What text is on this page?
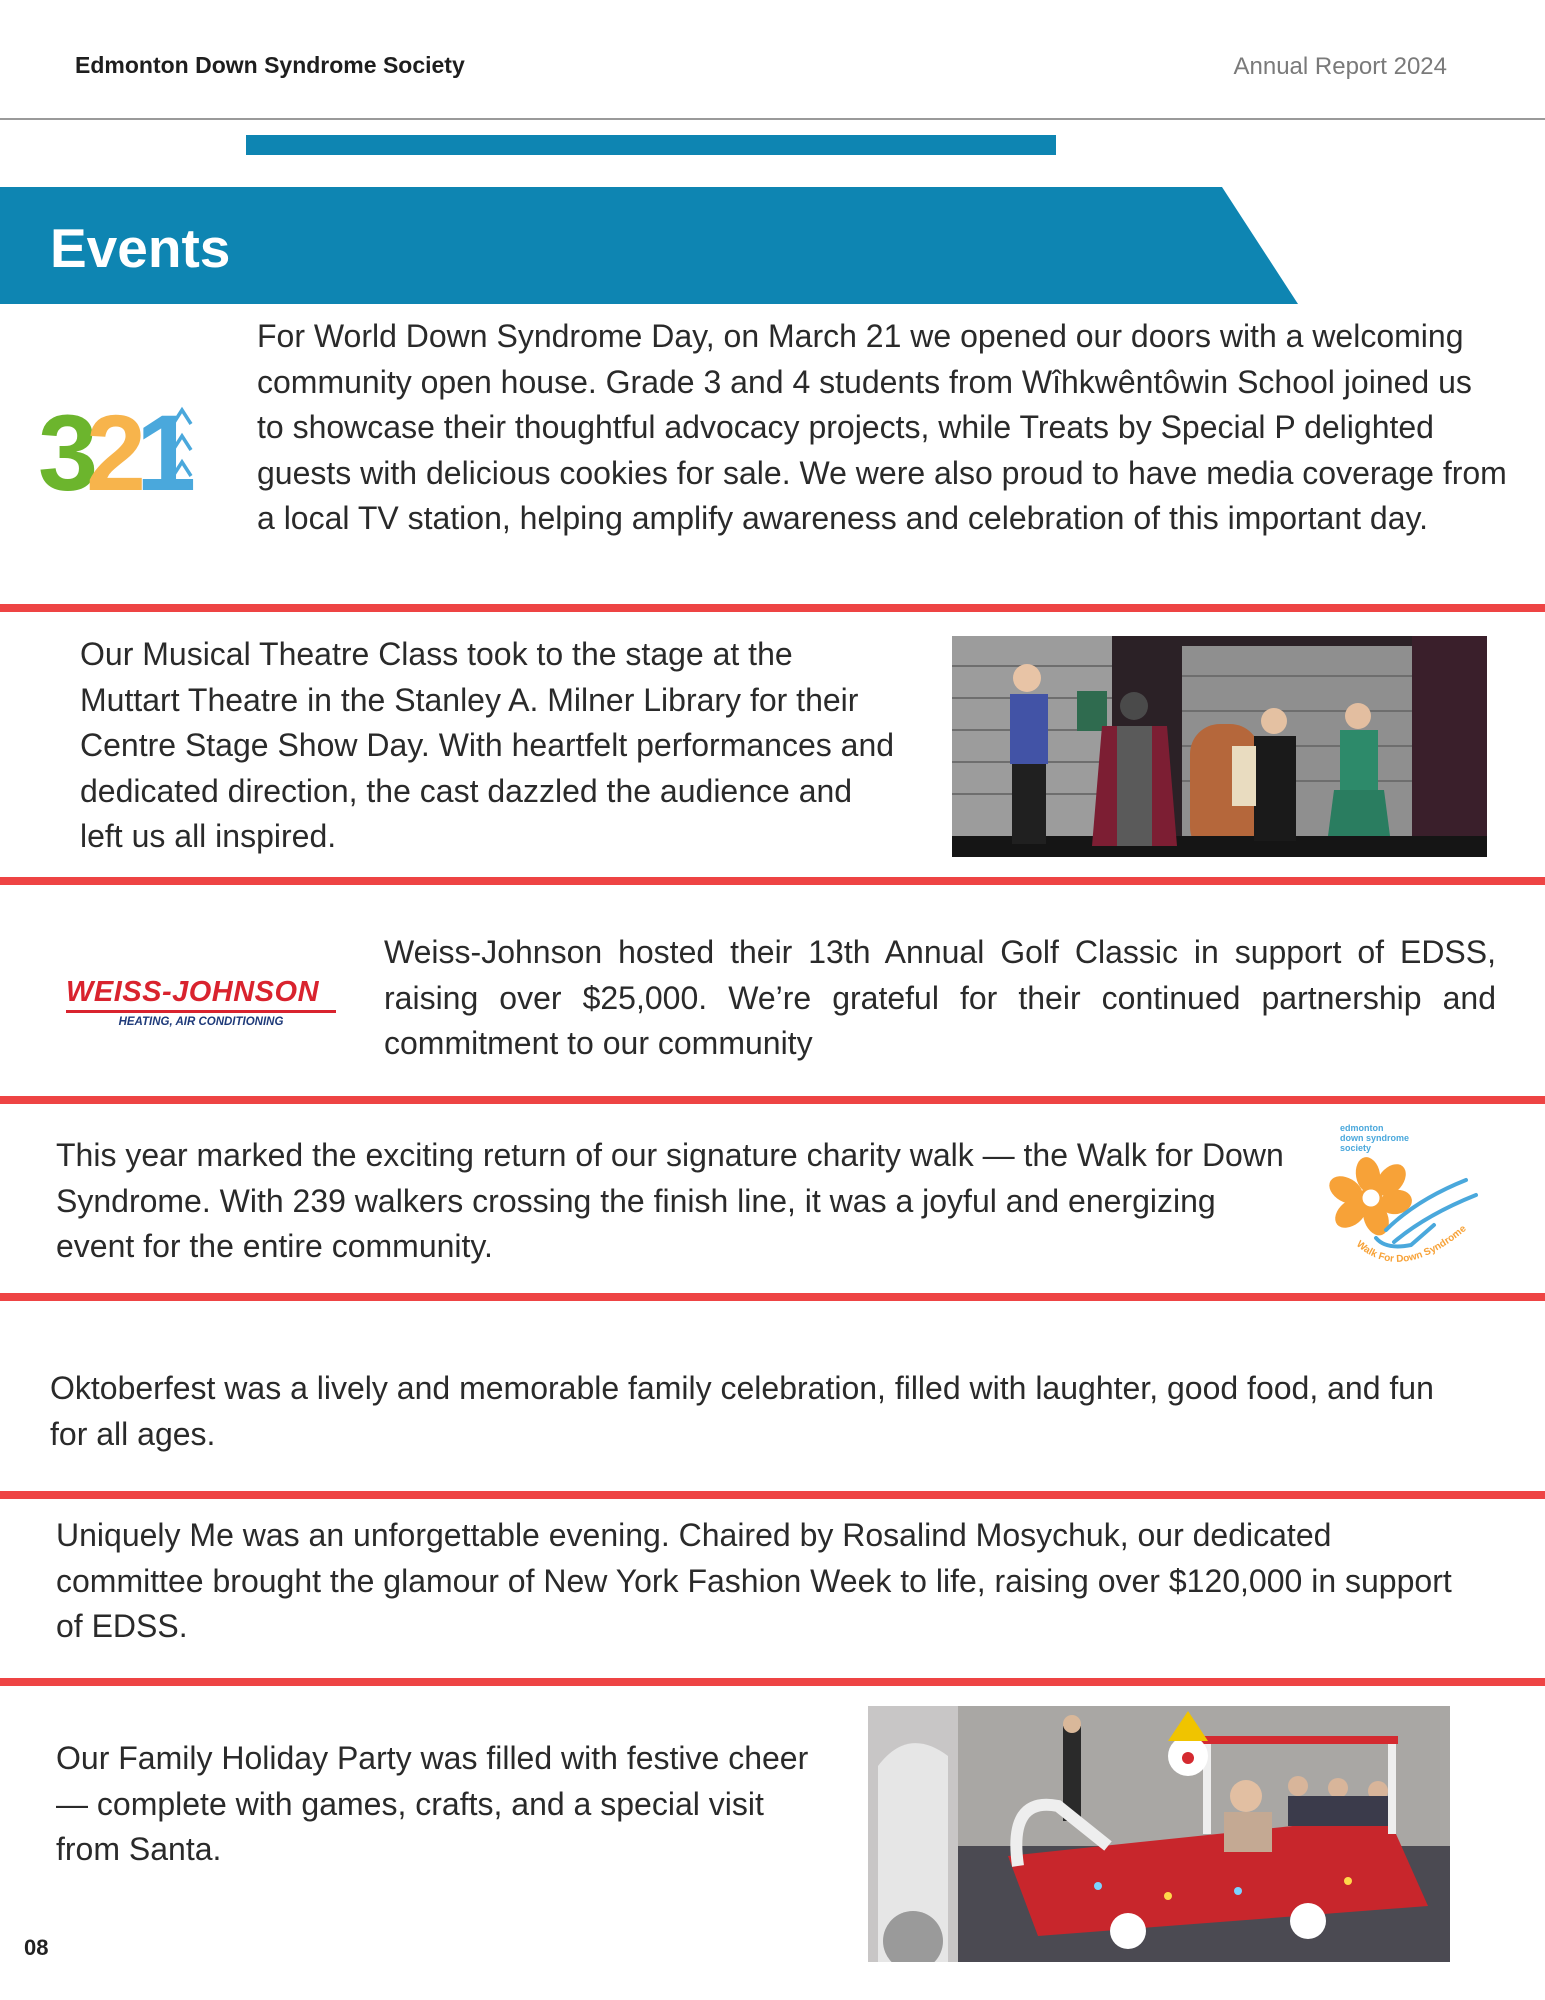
Edmonton Down Syndrome Society	Annual Report 2024
Events
3
2
1
For World Down Syndrome Day, on March 21 we opened our doors with a welcoming community open house. Grade 3 and 4 students from Wîhkwêntôwin School joined us to showcase their thoughtful advocacy projects, while Treats by Special P delighted guests with delicious cookies for sale. We were also proud to have media coverage from a local TV station, helping amplify awareness and celebration of this important day.
Our Musical Theatre Class took to the stage at the Muttart Theatre in the Stanley A. Milner Library for their Centre Stage Show Day. With heartfelt performances and dedicated direction, the cast dazzled the audience and left us all inspired.
WEISS-JOHNSON
HEATING, AIR CONDITIONING
Weiss-Johnson hosted their 13th Annual Golf Classic in support of EDSS, raising over $25,000. We’re grateful for their continued partnership and commitment to our community
This year marked the exciting return of our signature charity walk — the Walk for Down Syndrome. With 239 walkers crossing the finish line, it was a joyful and energizing event for the entire community.
edmonton
down syndrome
society
Walk For Down Syndrome
Oktoberfest was a lively and memorable family celebration, filled with laughter, good food, and fun for all ages.
Uniquely Me was an unforgettable evening. Chaired by Rosalind Mosychuk, our dedicated committee brought the glamour of New York Fashion Week to life, raising over $120,000 in support of EDSS.
Our Family Holiday Party was filled with festive cheer — complete with games, crafts, and a special visit from Santa.
08
